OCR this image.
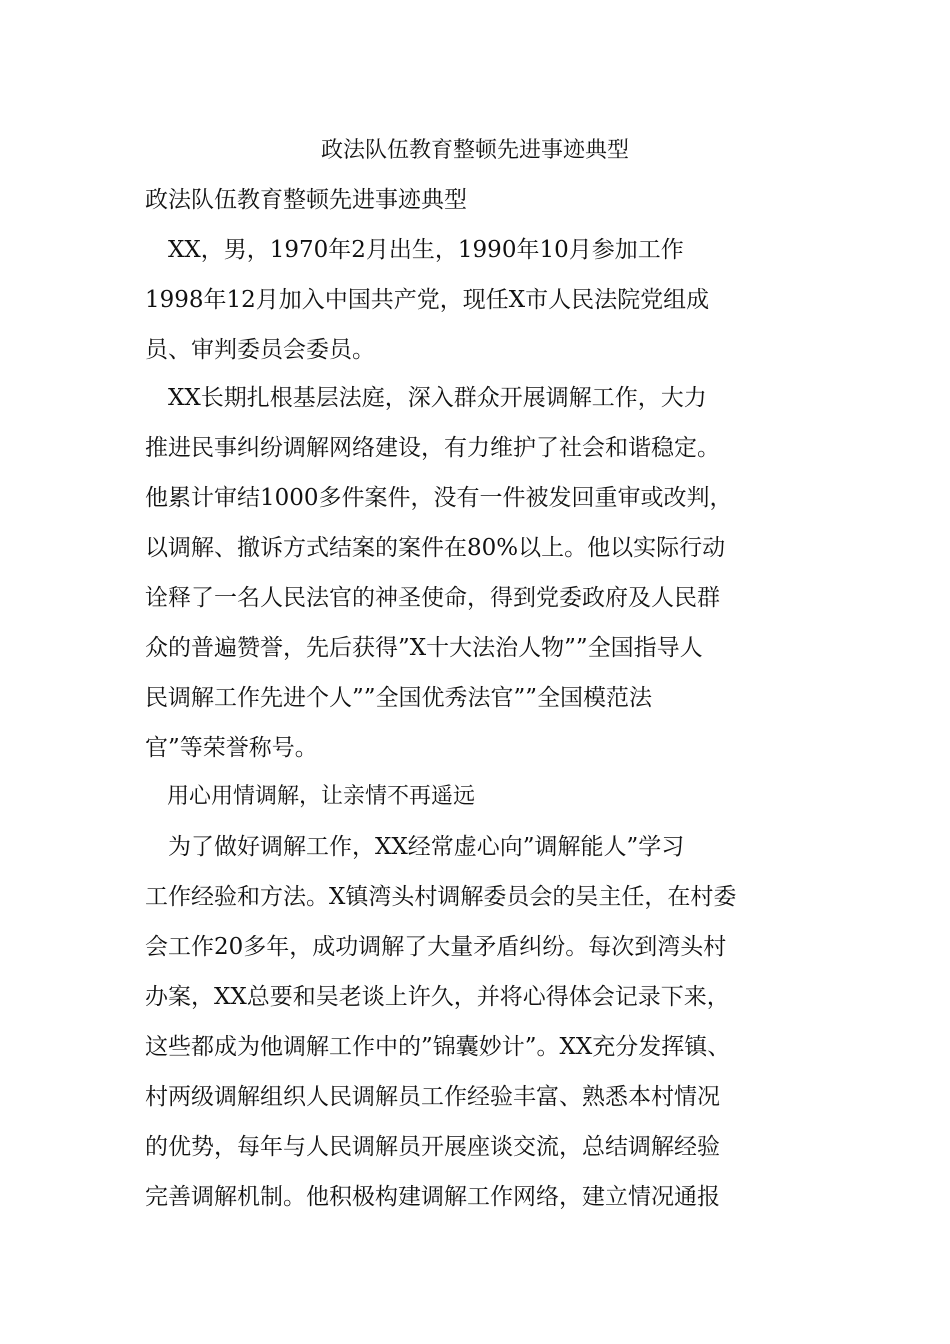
政法队伍教育整顿先进事迹典型
政法队伍教育整顿先进事迹典型
　XX，男，1970年2月出生，1990年10月参加工作
1998年12月加入中国共产党，现任X市人民法院党组成
员、审判委员会委员。
　XX长期扎根基层法庭，深入群众开展调解工作，大力
推进民事纠纷调解网络建设，有力维护了社会和谐稳定。
他累计审结1000多件案件，没有一件被发回重审或改判，
以调解、撤诉方式结案的案件在80%以上。他以实际行动
诠释了一名人民法官的神圣使命，得到党委政府及人民群
众的普遍赞誉，先后获得”X十大法治人物””全国指导人
民调解工作先进个人””全国优秀法官””全国模范法
官”等荣誉称号。
　用心用情调解，让亲情不再遥远
　为了做好调解工作，XX经常虚心向”调解能人”学习
工作经验和方法。X镇湾头村调解委员会的吴主任，在村委
会工作20多年，成功调解了大量矛盾纠纷。每次到湾头村
办案，XX总要和吴老谈上许久，并将心得体会记录下来，
这些都成为他调解工作中的”锦囊妙计”。XX充分发挥镇、
村两级调解组织人民调解员工作经验丰富、熟悉本村情况
的优势，每年与人民调解员开展座谈交流，总结调解经验
完善调解机制。他积极构建调解工作网络，建立情况通报
